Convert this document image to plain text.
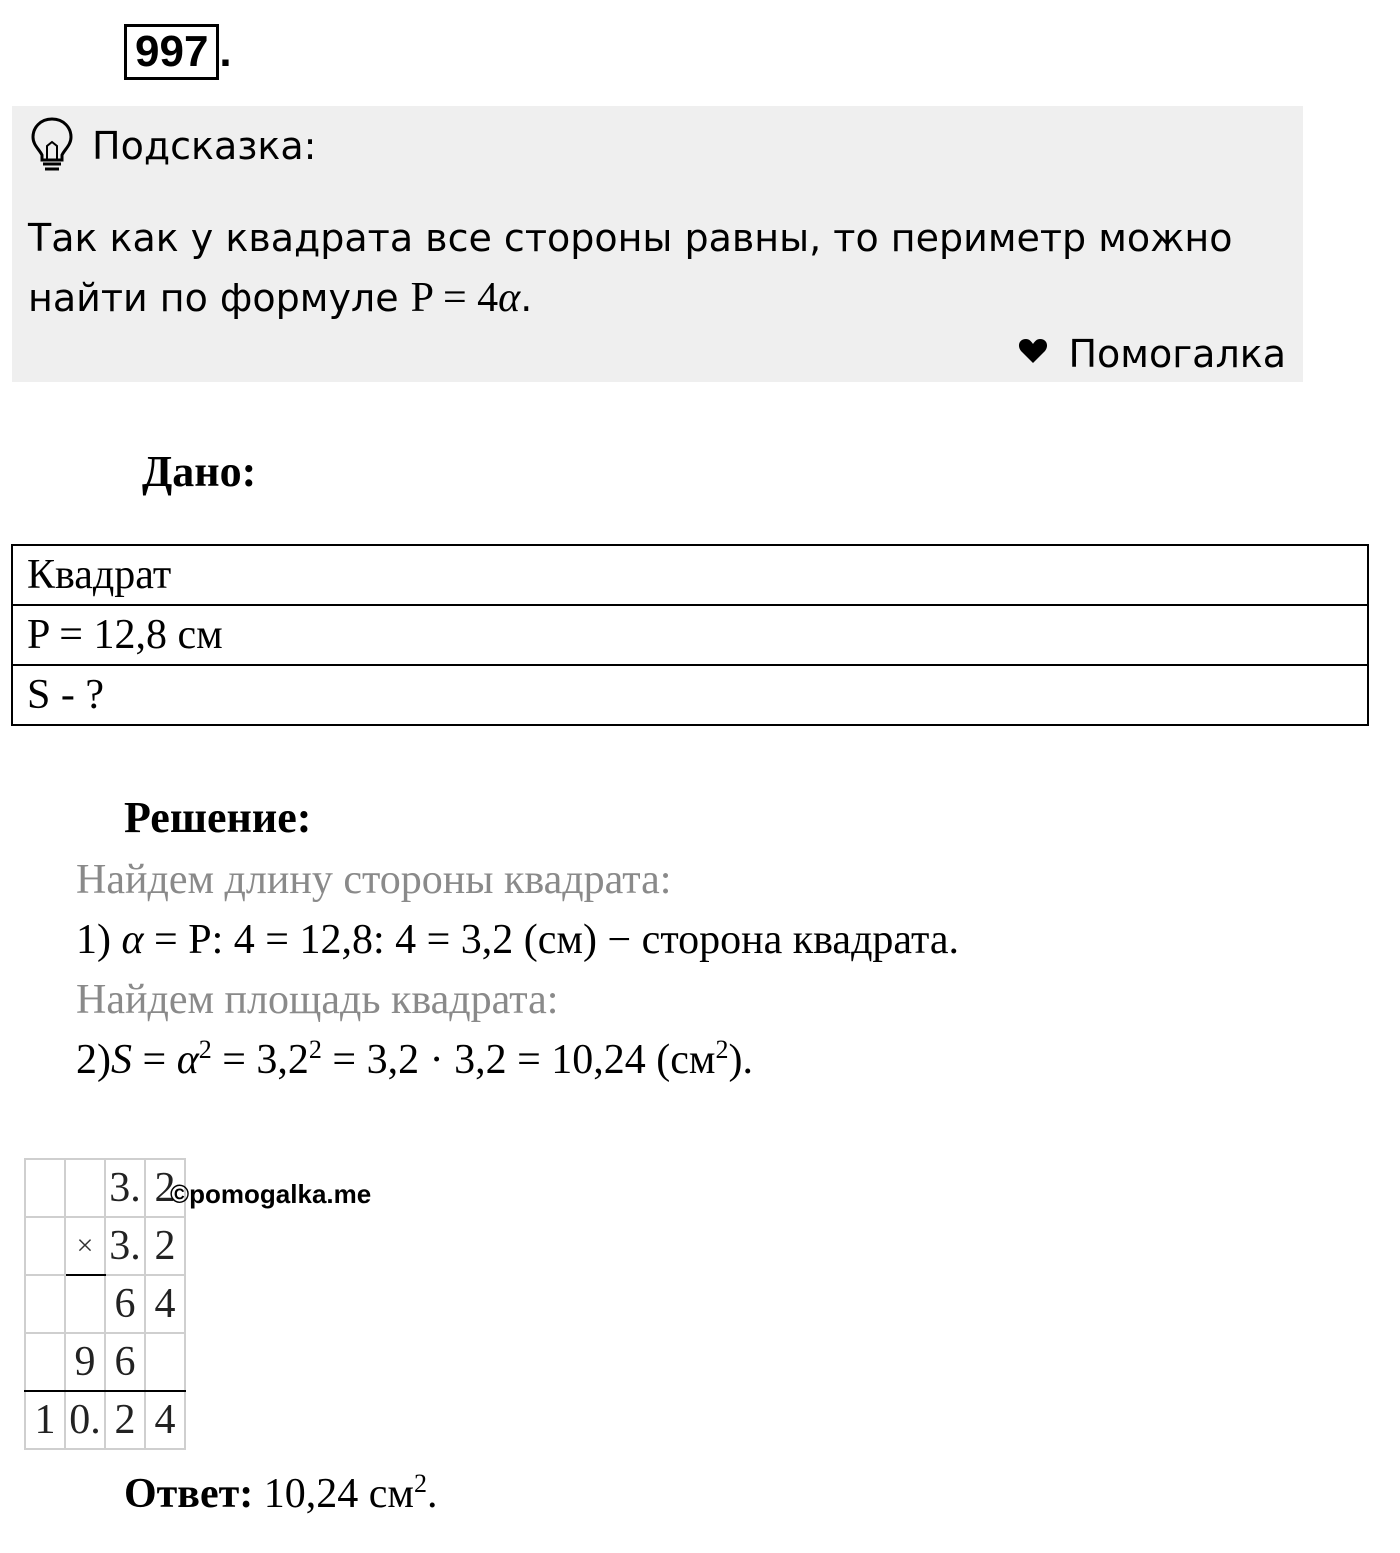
997 .
Подсказка:
Так как у квадрата все стороны равны, то периметр можно найти по формуле P = 4α.
Помогалка
Дано:
Квадрат
P = 12,8 см
S - ?
Решение:
Найдем длину стороны квадрата:
1) α = P: 4 = 12,8: 4 = 3,2 (см) − сторона квадрата.
Найдем площадь квадрата:
$2)S = \alpha^2 = 3,2^2 = 3,2 \cdot 3,2 = 10,24$ $(см^2)$.
		3.	2
	×	3.	2
		6	4
	9	6	
1	0.	2	4
©pomogalka.me
Ответ: 10,24 $см^2$.
